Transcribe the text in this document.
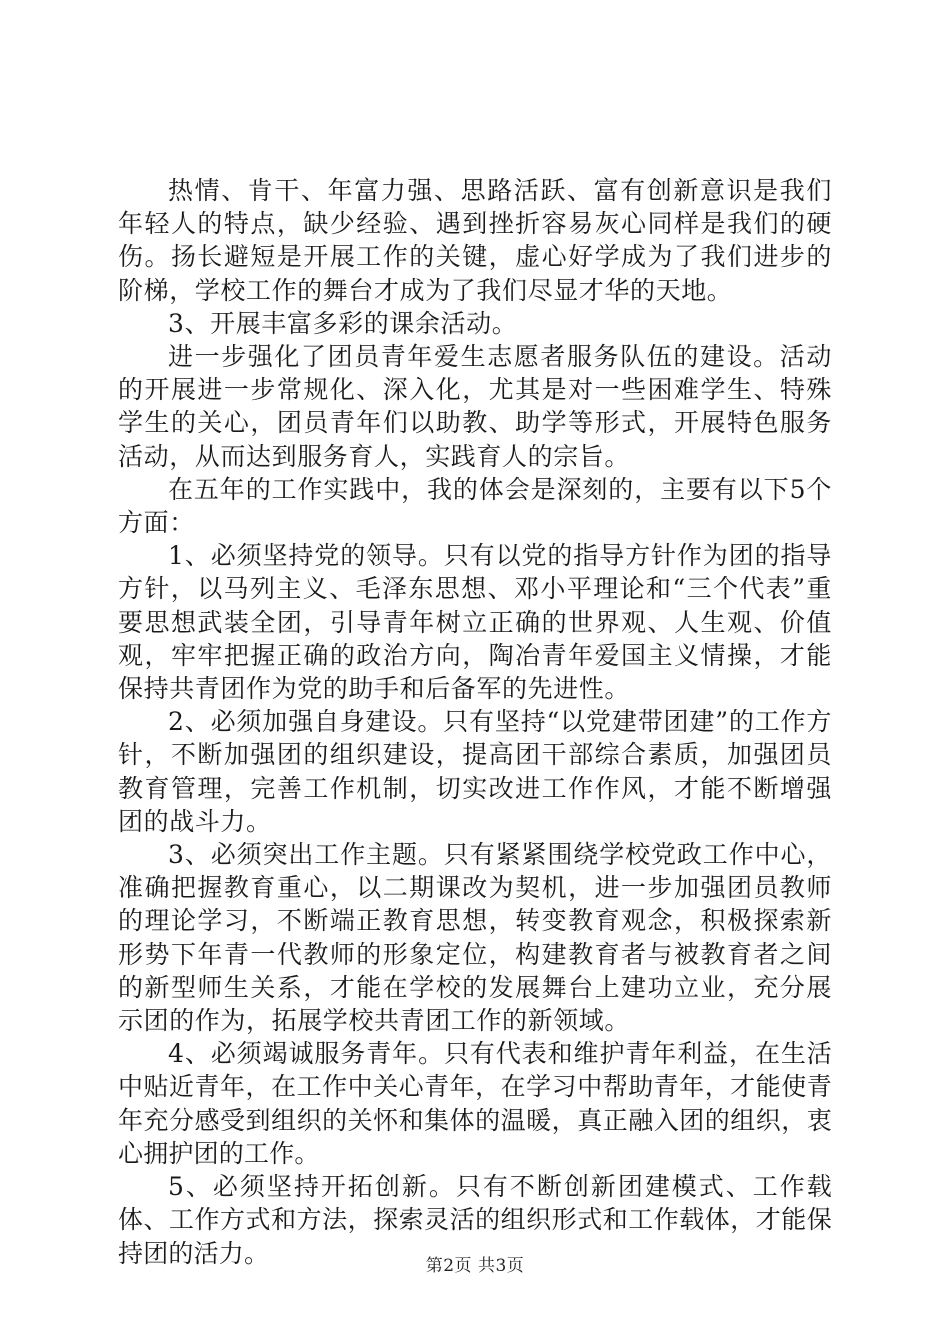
热情、肯干、年富力强、思路活跃、富有创新意识是我们年轻人的特点，缺少经验、遇到挫折容易灰心同样是我们的硬伤。扬长避短是开展工作的关键，虚心好学成为了我们进步的阶梯，学校工作的舞台才成为了我们尽显才华的天地。

3、开展丰富多彩的课余活动。

进一步强化了团员青年爱生志愿者服务队伍的建设。活动的开展进一步常规化、深入化，尤其是对一些困难学生、特殊学生的关心，团员青年们以助教、助学等形式，开展特色服务活动，从而达到服务育人，实践育人的宗旨。

在五年的工作实践中，我的体会是深刻的，主要有以下5个方面：

1、必须坚持党的领导。只有以党的指导方针作为团的指导方针，以马列主义、毛泽东思想、邓小平理论和“三个代表”重要思想武装全团，引导青年树立正确的世界观、人生观、价值观，牢牢把握正确的政治方向，陶冶青年爱国主义情操，才能保持共青团作为党的助手和后备军的先进性。

2、必须加强自身建设。只有坚持“以党建带团建”的工作方针，不断加强团的组织建设，提高团干部综合素质，加强团员教育管理，完善工作机制，切实改进工作作风，才能不断增强团的战斗力。

3、必须突出工作主题。只有紧紧围绕学校党政工作中心，准确把握教育重心，以二期课改为契机，进一步加强团员教师的理论学习，不断端正教育思想，转变教育观念，积极探索新形势下年青一代教师的形象定位，构建教育者与被教育者之间的新型师生关系，才能在学校的发展舞台上建功立业，充分展示团的作为，拓展学校共青团工作的新领域。

4、必须竭诚服务青年。只有代表和维护青年利益，在生活中贴近青年，在工作中关心青年，在学习中帮助青年，才能使青年充分感受到组织的关怀和集体的温暖，真正融入团的组织，衷心拥护团的工作。

5、必须坚持开拓创新。只有不断创新团建模式、工作载体、工作方式和方法，探索灵活的组织形式和工作载体，才能保持团的活力。	第2页 共3页
